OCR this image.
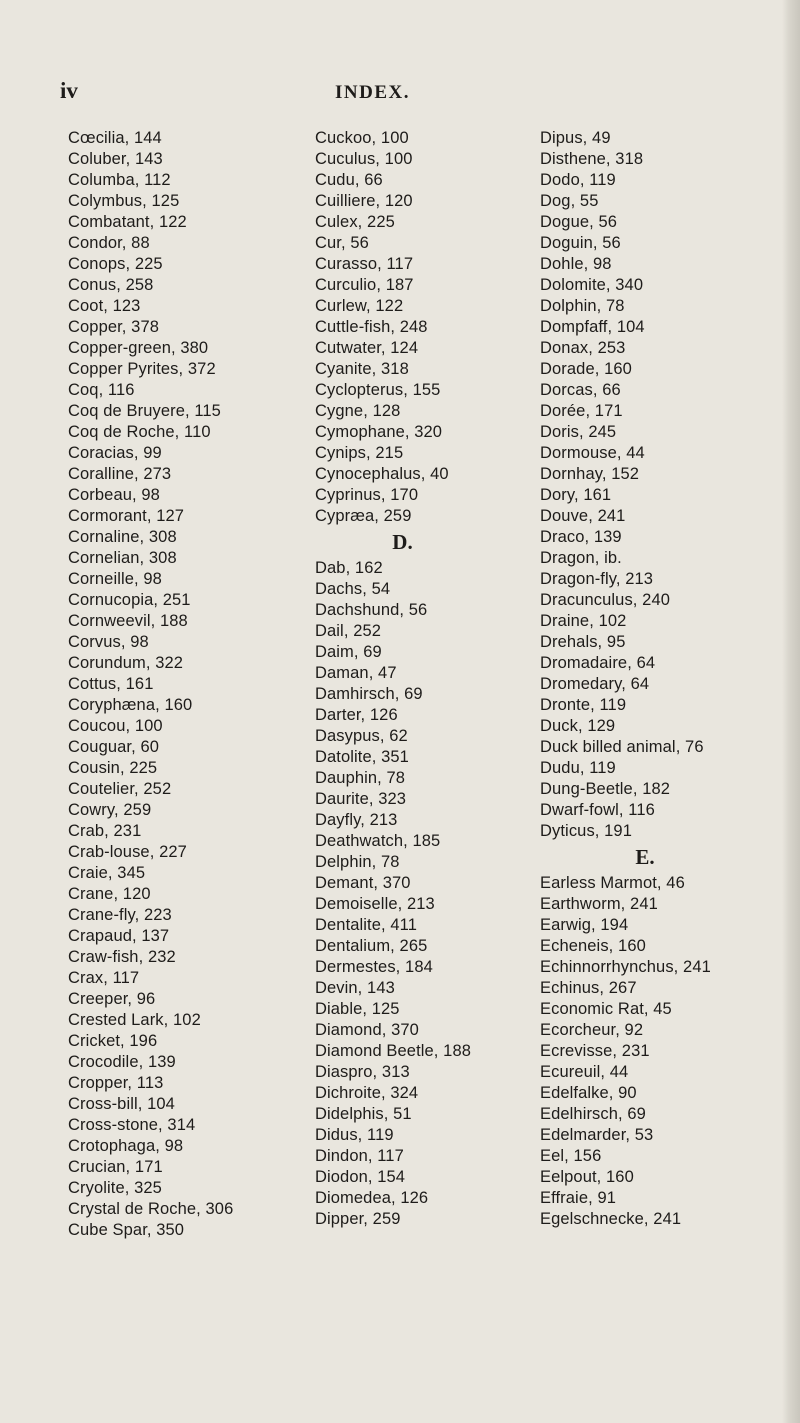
iv	INDEX.
Cœcilia, 144
Coluber, 143
Columba, 112
Colymbus, 125
Combatant, 122
Condor, 88
Conops, 225
Conus, 258
Coot, 123
Copper, 378
Copper-green, 380
Copper Pyrites, 372
Coq, 116
Coq de Bruyere, 115
Coq de Roche, 110
Coracias, 99
Coralline, 273
Corbeau, 98
Cormorant, 127
Cornaline, 308
Cornelian, 308
Corneille, 98
Cornucopia, 251
Cornweevil, 188
Corvus, 98
Corundum, 322
Cottus, 161
Coryphæna, 160
Coucou, 100
Couguar, 60
Cousin, 225
Coutelier, 252
Cowry, 259
Crab, 231
Crab-louse, 227
Craie, 345
Crane, 120
Crane-fly, 223
Crapaud, 137
Craw-fish, 232
Crax, 117
Creeper, 96
Crested Lark, 102
Cricket, 196
Crocodile, 139
Cropper, 113
Cross-bill, 104
Cross-stone, 314
Crotophaga, 98
Crucian, 171
Cryolite, 325
Crystal de Roche, 306
Cube Spar, 350
Cuckoo, 100
Cuculus, 100
Cudu, 66
Cuilliere, 120
Culex, 225
Cur, 56
Curasso, 117
Curculio, 187
Curlew, 122
Cuttle-fish, 248
Cutwater, 124
Cyanite, 318
Cyclopterus, 155
Cygne, 128
Cymophane, 320
Cynips, 215
Cynocephalus, 40
Cyprinus, 170
Cypræa, 259
D.
Dab, 162
Dachs, 54
Dachshund, 56
Dail, 252
Daim, 69
Daman, 47
Damhirsch, 69
Darter, 126
Dasypus, 62
Datolite, 351
Dauphin, 78
Daurite, 323
Dayfly, 213
Deathwatch, 185
Delphin, 78
Demant, 370
Demoiselle, 213
Dentalite, 411
Dentalium, 265
Dermestes, 184
Devin, 143
Diable, 125
Diamond, 370
Diamond Beetle, 188
Diaspro, 313
Dichroite, 324
Didelphis, 51
Didus, 119
Dindon, 117
Diodon, 154
Diomedea, 126
Dipper, 259
Dipus, 49
Disthene, 318
Dodo, 119
Dog, 55
Dogue, 56
Doguin, 56
Dohle, 98
Dolomite, 340
Dolphin, 78
Dompfaff, 104
Donax, 253
Dorade, 160
Dorcas, 66
Dorée, 171
Doris, 245
Dormouse, 44
Dornhay, 152
Dory, 161
Douve, 241
Draco, 139
Dragon, ib.
Dragon-fly, 213
Dracunculus, 240
Draine, 102
Drehals, 95
Dromadaire, 64
Dromedary, 64
Dronte, 119
Duck, 129
Duck billed animal, 76
Dudu, 119
Dung-Beetle, 182
Dwarf-fowl, 116
Dyticus, 191
E.
Earless Marmot, 46
Earthworm, 241
Earwig, 194
Echeneis, 160
Echinnorrhynchus, 241
Echinus, 267
Economic Rat, 45
Ecorcheur, 92
Ecrevisse, 231
Ecureuil, 44
Edelfalke, 90
Edelhirsch, 69
Edelmarder, 53
Eel, 156
Eelpout, 160
Effraie, 91
Egelschnecke, 241
